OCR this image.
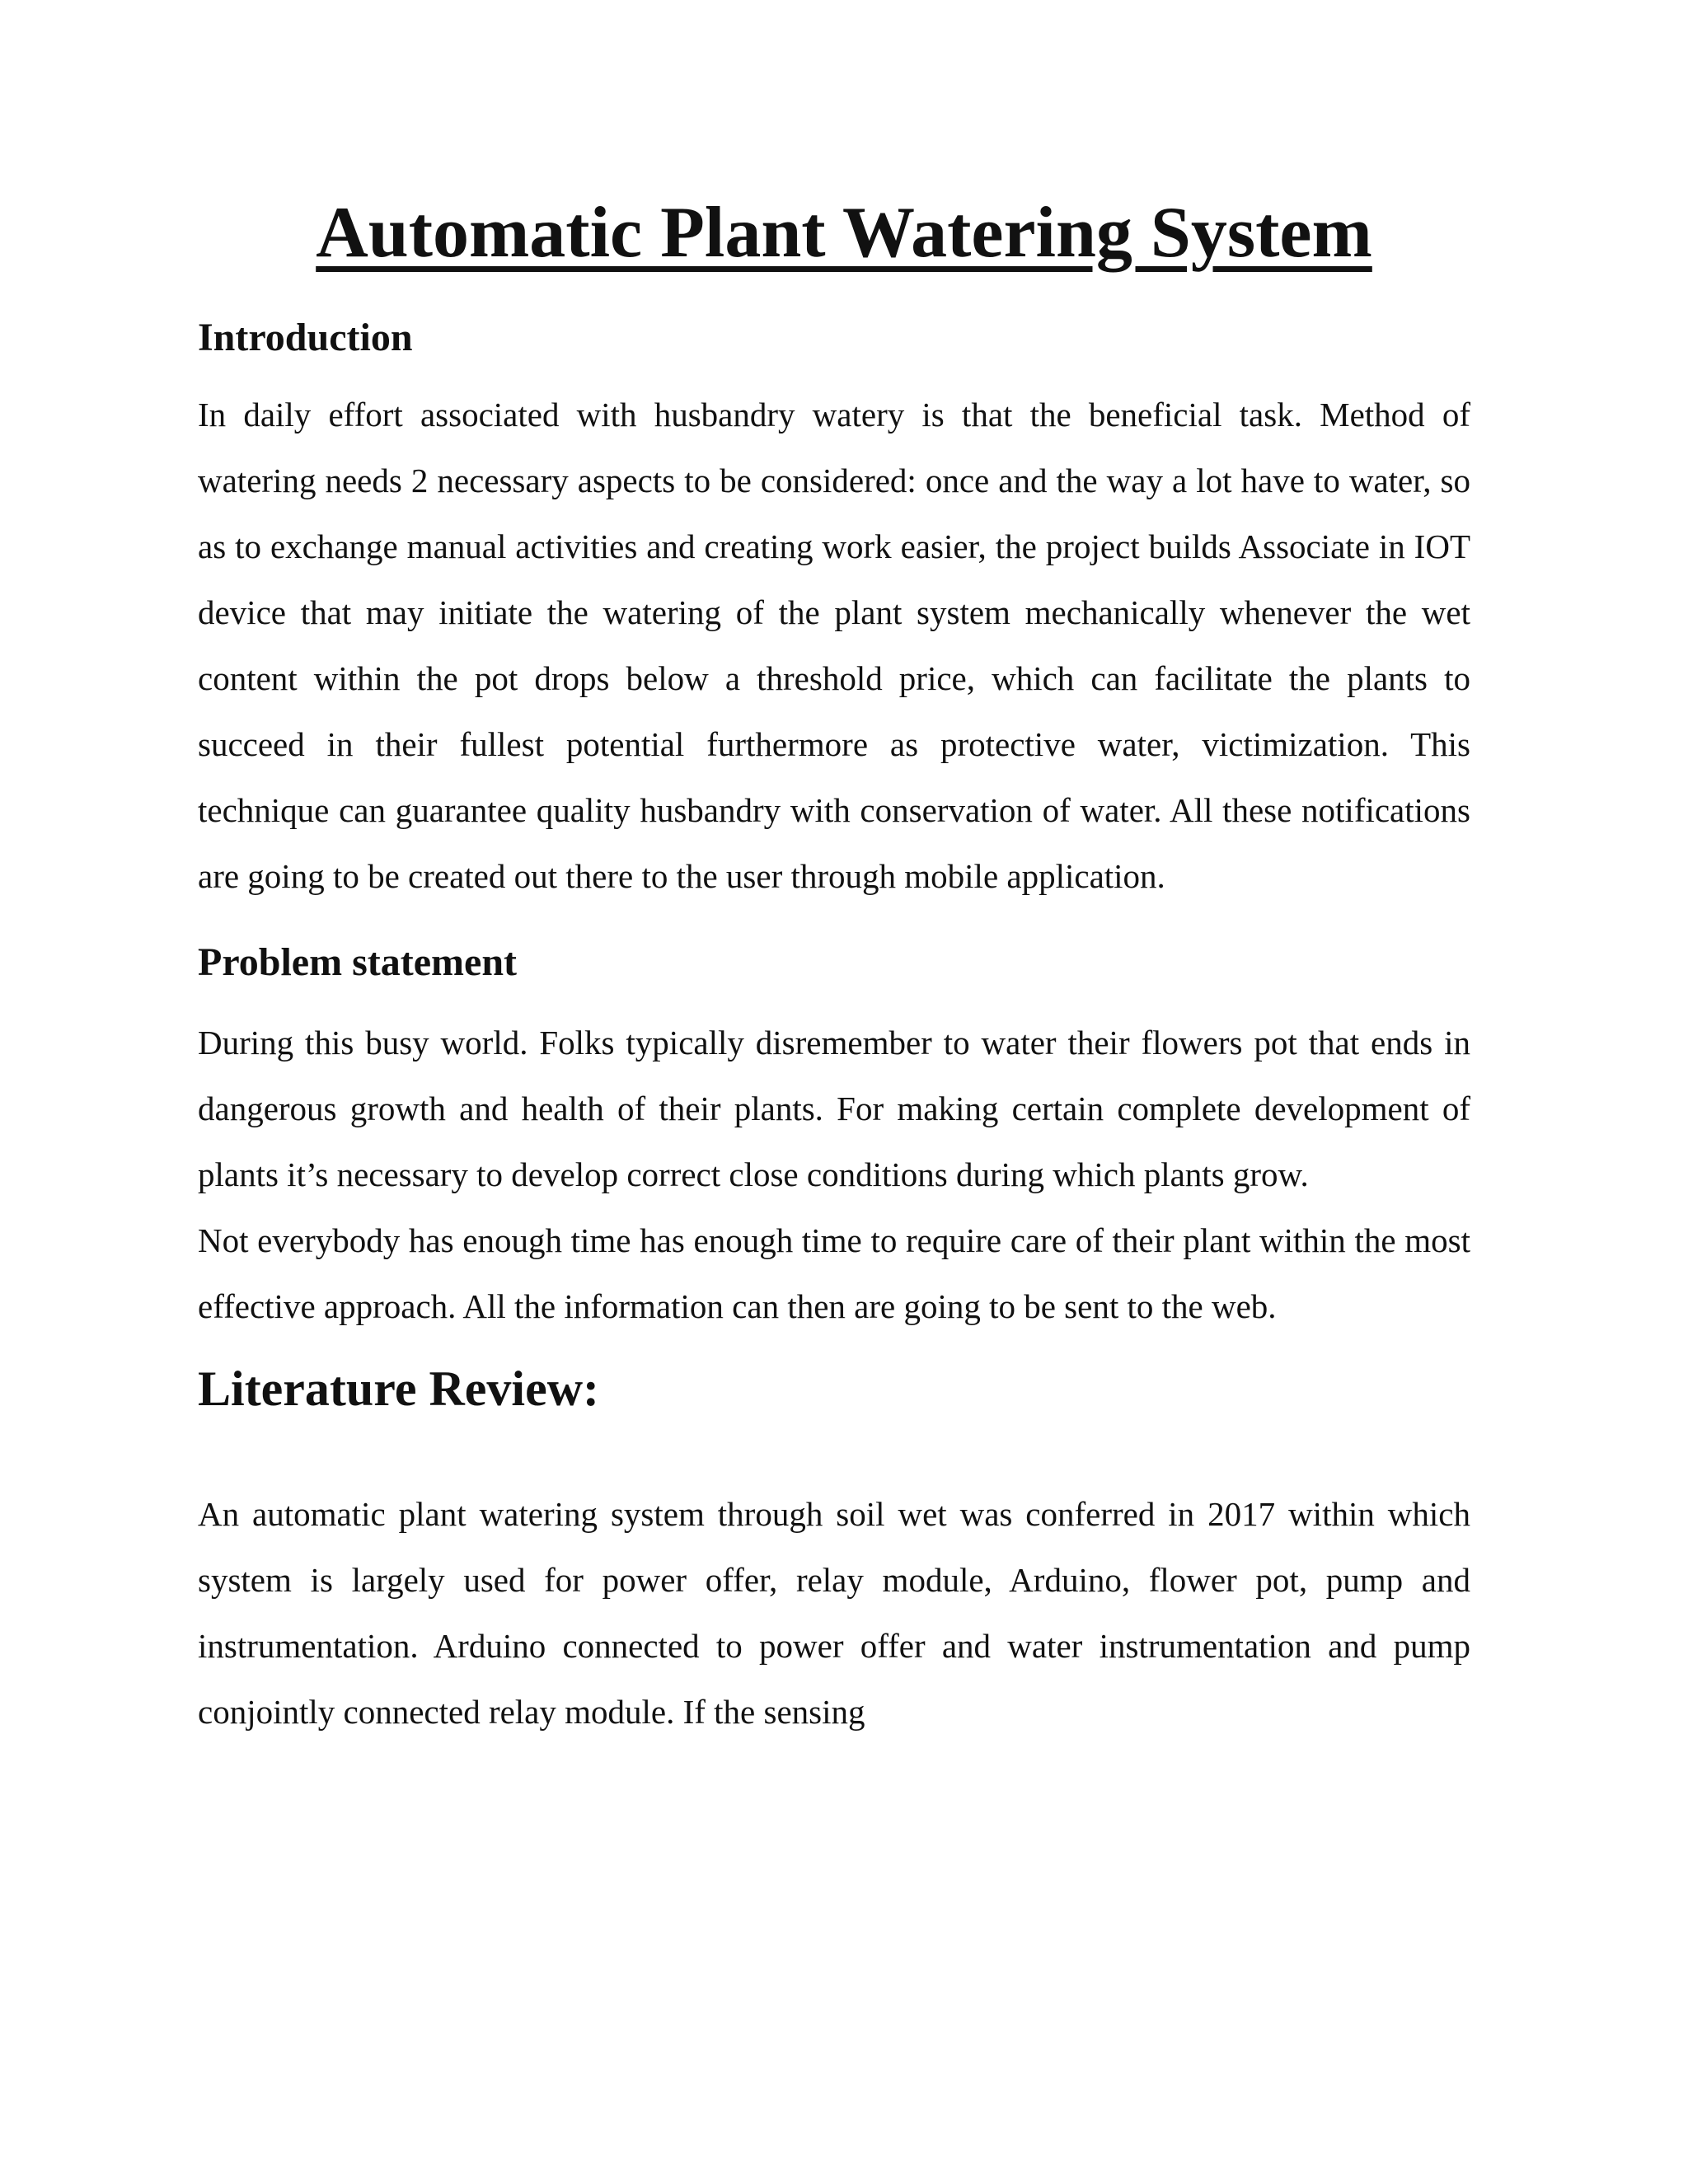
Automatic Plant Watering System
Introduction

In daily effort associated with husbandry watery is that the beneficial task. Method of watering needs 2 necessary aspects to be considered: once and the way a lot have to water, so as to exchange manual activities and creating work easier, the project builds Associate in IOT device that may initiate the watering of the plant system mechanically whenever the wet content within the pot drops below a threshold price, which can facilitate the plants to succeed in their fullest potential furthermore as protective water, victimization. This technique can guarantee quality husbandry with conservation of water. All these notifications are going to be created out there to the user through mobile application.

Problem statement

During this busy world. Folks typically disremember to water their flowers pot that ends in dangerous growth and health of their plants. For making certain complete development of plants it’s necessary to develop correct close conditions during which plants grow.

Not everybody has enough time has enough time to require care of their plant within the most effective approach. All the information can then are going to be sent to the web.

Literature Review:

An automatic plant watering system through soil wet was conferred in 2017 within which system is largely used for power offer, relay module, Arduino, flower pot, pump and instrumentation. Arduino connected to power offer and water instrumentation and pump conjointly connected relay module. If the sensing
